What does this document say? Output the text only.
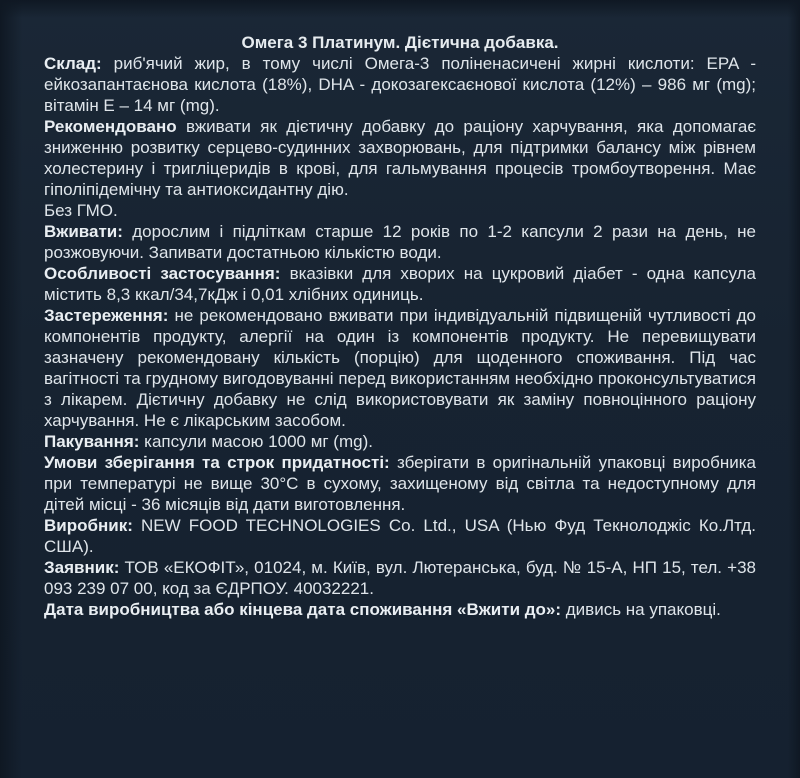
Омега 3 Платинум. Дієтична добавка.

Склад: риб'ячий жир, в тому числі Омега-3 поліненасичені жирні кислоти: EPA - ейкозапантаєнова кислота (18%), DHA - докозагексаєнової кислота (12%) – 986 мг (mg); вітамін Е – 14 мг (mg).

Рекомендовано вживати як дієтичну добавку до раціону харчування, яка допомагає зниженню розвитку серцево-судинних захворювань, для підтримки балансу між рівнем холестерину і тригліцеридів в крові, для гальмування процесів тромбоутворення. Має гіполіпідемічну та антиоксидантну дію.

Без ГМО.

Вживати: дорослим і підліткам старше 12 років по 1-2 капсули 2 рази на день, не розжовуючи. Запивати достатньою кількістю води.

Особливості застосування: вказівки для хворих на цукровий діабет - одна капсула містить 8,3 ккал/34,7кДж і 0,01 хлібних одиниць.

Застереження: не рекомендовано вживати при індивідуальній підвищеній чутливості до компонентів продукту, алергії на один із компонентів продукту. Не перевищувати зазначену рекомендовану кількість (порцію) для щоденного споживання. Під час вагітності та грудному вигодовуванні перед використанням необхідно проконсультуватися з лікарем. Дієтичну добавку не слід використовувати як заміну повноцінного раціону харчування. Не є лікарським засобом.

Пакування: капсули масою 1000 мг (mg).

Умови зберігання та строк придатності: зберігати в оригінальній упаковці виробника при температурі не вище 30°С в сухому, захищеному від світла та недоступному для дітей місці - 36 місяців від дати виготовлення.

Виробник: NEW FOOD TECHNOLOGIES Co. Ltd., USA (Нью Фуд Текнолоджіс Ко.Лтд. США).

Заявник: ТОВ «ЕКОФІТ», 01024, м. Київ, вул. Лютеранська, буд. № 15-А, НП 15, тел. +38 093 239 07 00, код за ЄДРПОУ. 40032221.

Дата виробництва або кінцева дата споживання «Вжити до»: дивись на упаковці.
